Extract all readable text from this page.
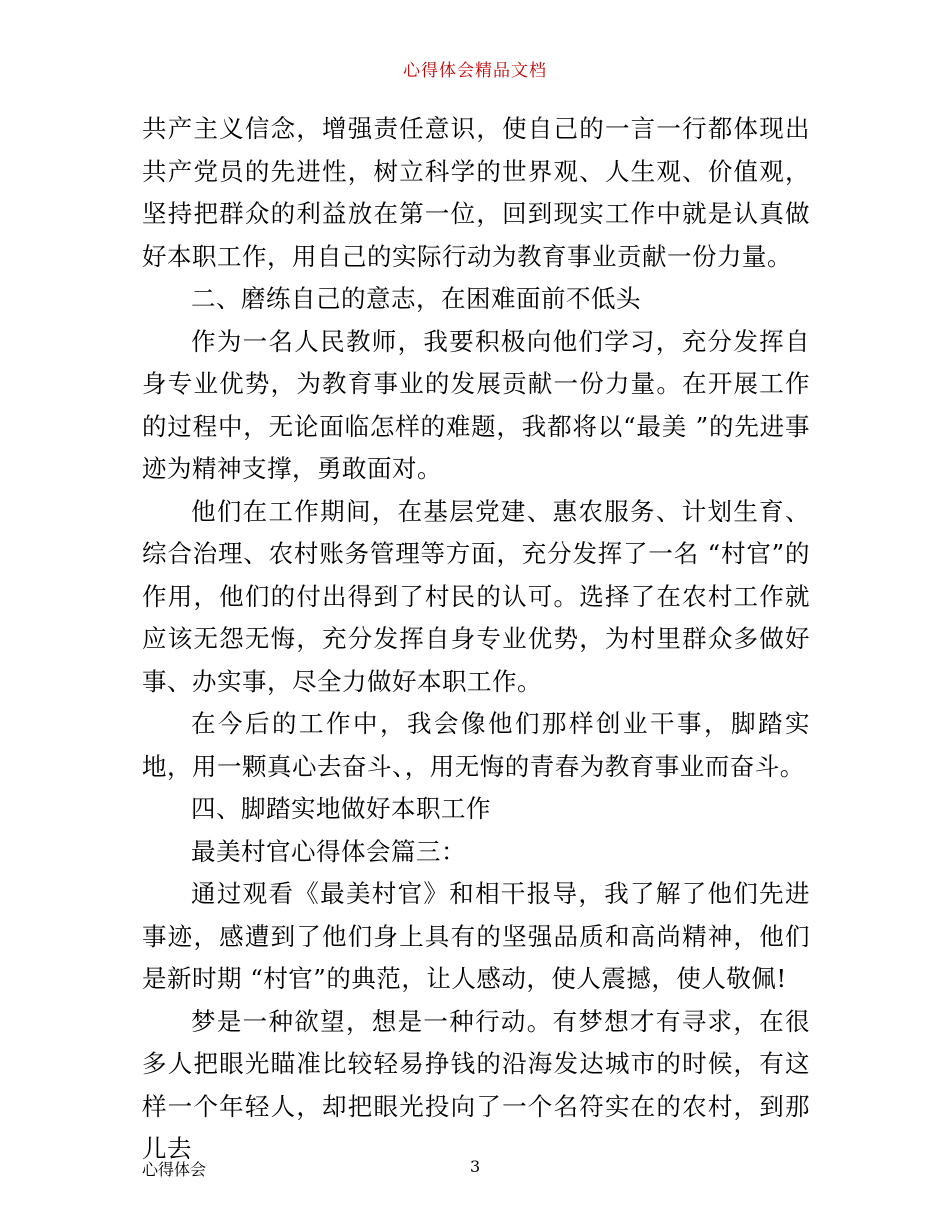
心得体会精品文档

共产主义信念，增强责任意识，使自己的一言一行都体现出共产党员的先进性，树立科学的世界观、人生观、价值观，坚持把群众的利益放在第一位，回到现实工作中就是认真做好本职工作，用自己的实际行动为教育事业贡献一份力量。

二、磨练自己的意志，在困难面前不低头

作为一名人民教师，我要积极向他们学习，充分发挥自身专业优势，为教育事业的发展贡献一份力量。在开展工作的过程中，无论面临怎样的难题，我都将以“最美 ”的先进事迹为精神支撑，勇敢面对。

他们在工作期间，在基层党建、惠农服务、计划生育、综合治理、农村账务管理等方面，充分发挥了一名 “村官”的作用，他们的付出得到了村民的认可。选择了在农村工作就应该无怨无悔，充分发挥自身专业优势，为村里群众多做好事、办实事，尽全力做好本职工作。

在今后的工作中，我会像他们那样创业干事，脚踏实地，用一颗真心去奋斗、，用无悔的青春为教育事业而奋斗。

四、脚踏实地做好本职工作

最美村官心得体会篇三：

通过观看《最美村官》和相干报导，我了解了他们先进事迹，感遭到了他们身上具有的坚强品质和高尚精神，他们是新时期 “村官”的典范，让人感动，使人震撼，使人敬佩!

梦是一种欲望，想是一种行动。有梦想才有寻求，在很多人把眼光瞄准比较轻易挣钱的沿海发达城市的时候，有这样一个年轻人，却把眼光投向了一个名符实在的农村，到那儿去

心得体会	3
